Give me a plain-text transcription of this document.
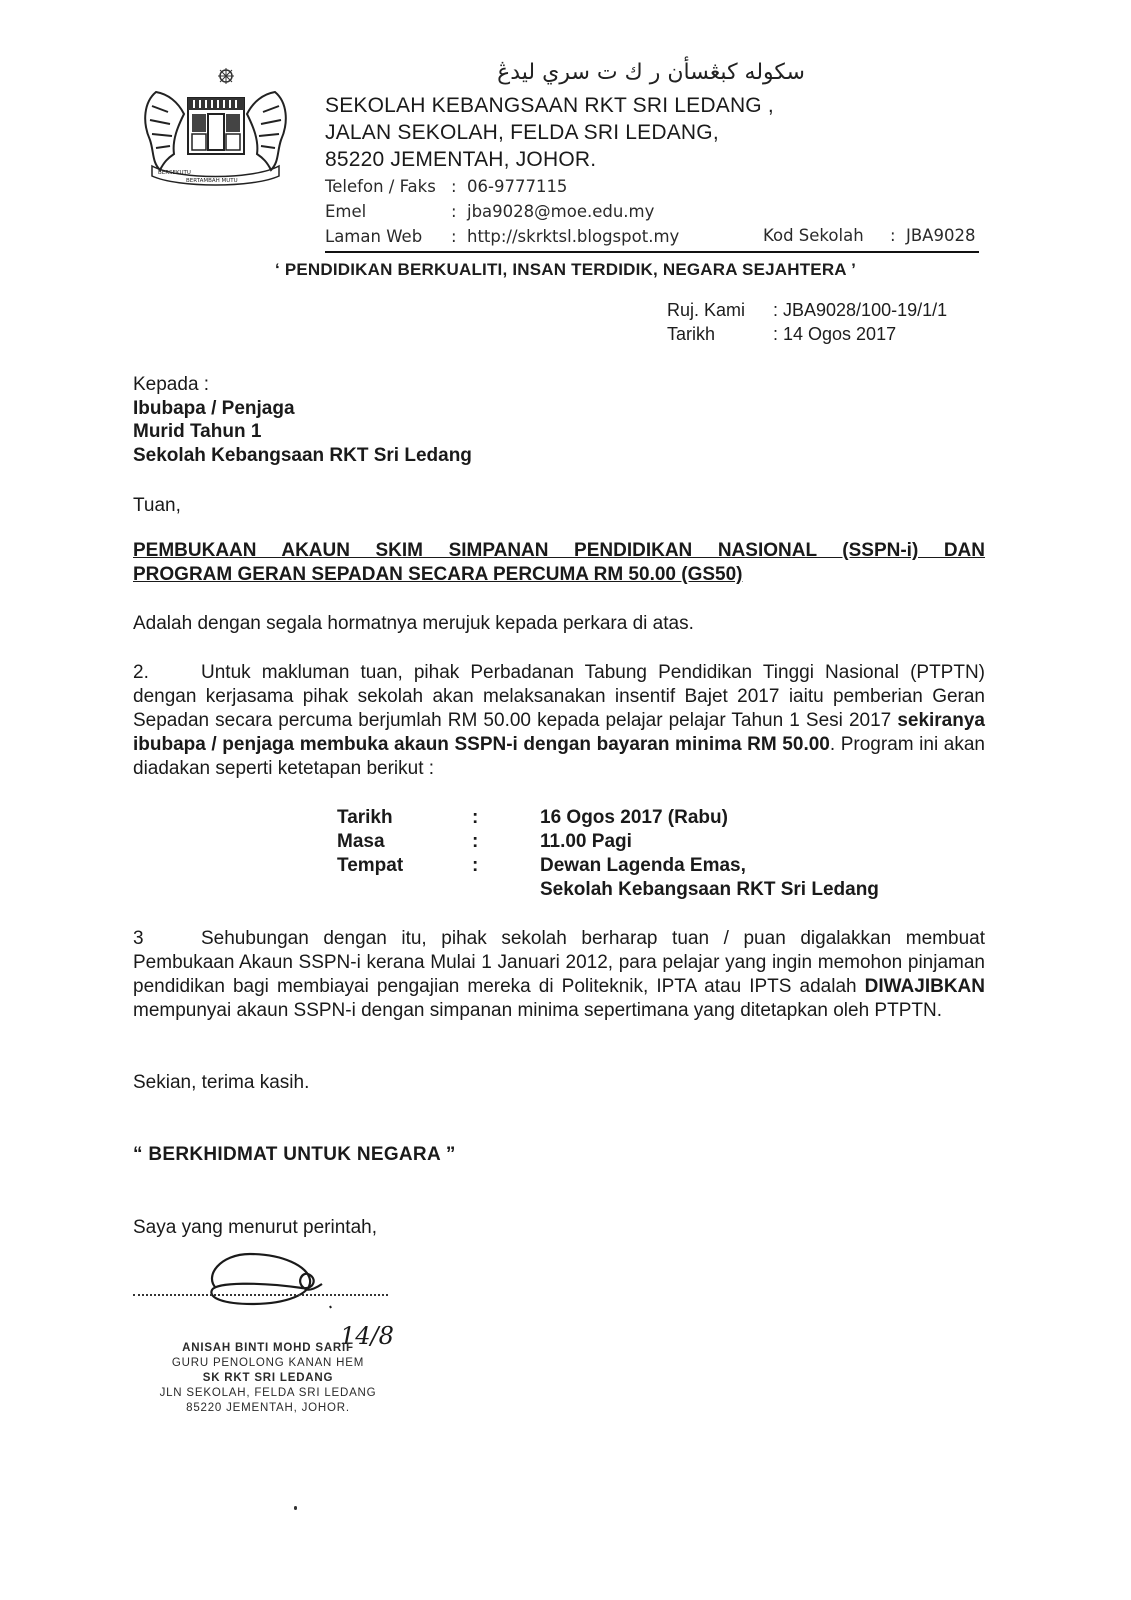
BERSEKUTU
BERTAMBAH MUTU
سکوله کبڠسأن ر ك ت سري ليدڠ
SEKOLAH KEBANGSAAN RKT SRI LEDANG ,
JALAN SEKOLAH, FELDA SRI LEDANG,
85220 JEMENTAH, JOHOR.
Telefon / Faks : 06-9777115
Emel	: jba9028@moe.edu.my
Laman Web : http://skrktsl.blogspot.my	Kod Sekolah : JBA9028
‘ PENDIDIKAN BERKUALITI, INSAN TERDIDIK, NEGARA SEJAHTERA ’
Ruj. Kami : JBA9028/100-19/1/1
Tarikh	: 14 Ogos 2017
Kepada :
Ibubapa / Penjaga
Murid Tahun 1
Sekolah Kebangsaan RKT Sri Ledang
Tuan,
PEMBUKAAN AKAUN SKIM SIMPANAN PENDIDIKAN NASIONAL (SSPN-i) DAN
PROGRAM GERAN SEPADAN SECARA PERCUMA RM 50.00 (GS50)
Adalah dengan segala hormatnya merujuk kepada perkara di atas.
2.	Untuk makluman tuan, pihak Perbadanan Tabung Pendidikan Tinggi Nasional (PTPTN) dengan kerjasama pihak sekolah akan melaksanakan insentif Bajet 2017 iaitu pemberian Geran Sepadan secara percuma berjumlah RM 50.00 kepada pelajar pelajar Tahun 1 Sesi 2017 sekiranya ibubapa / penjaga membuka akaun SSPN-i dengan bayaran minima RM 50.00. Program ini akan diadakan seperti ketetapan berikut :
Tarikh	:	16 Ogos 2017 (Rabu)
Masa	:	11.00 Pagi
Tempat	:	Dewan Lagenda Emas,
Sekolah Kebangsaan RKT Sri Ledang
3	Sehubungan dengan itu, pihak sekolah berharap tuan / puan digalakkan membuat Pembukaan Akaun SSPN-i kerana Mulai 1 Januari 2012, para pelajar yang ingin memohon pinjaman pendidikan bagi membiayai pengajian mereka di Politeknik, IPTA atau IPTS adalah DIWAJIBKAN mempunyai akaun SSPN-i dengan simpanan minima sepertimana yang ditetapkan oleh PTPTN.
Sekian, terima kasih.
“ BERKHIDMAT UNTUK NEGARA ”
Saya yang menurut perintah,
14/8
ANISAH BINTI MOHD SARIF
GURU PENOLONG KANAN HEM
SK RKT SRI LEDANG
JLN SEKOLAH, FELDA SRI LEDANG
85220 JEMENTAH, JOHOR.
